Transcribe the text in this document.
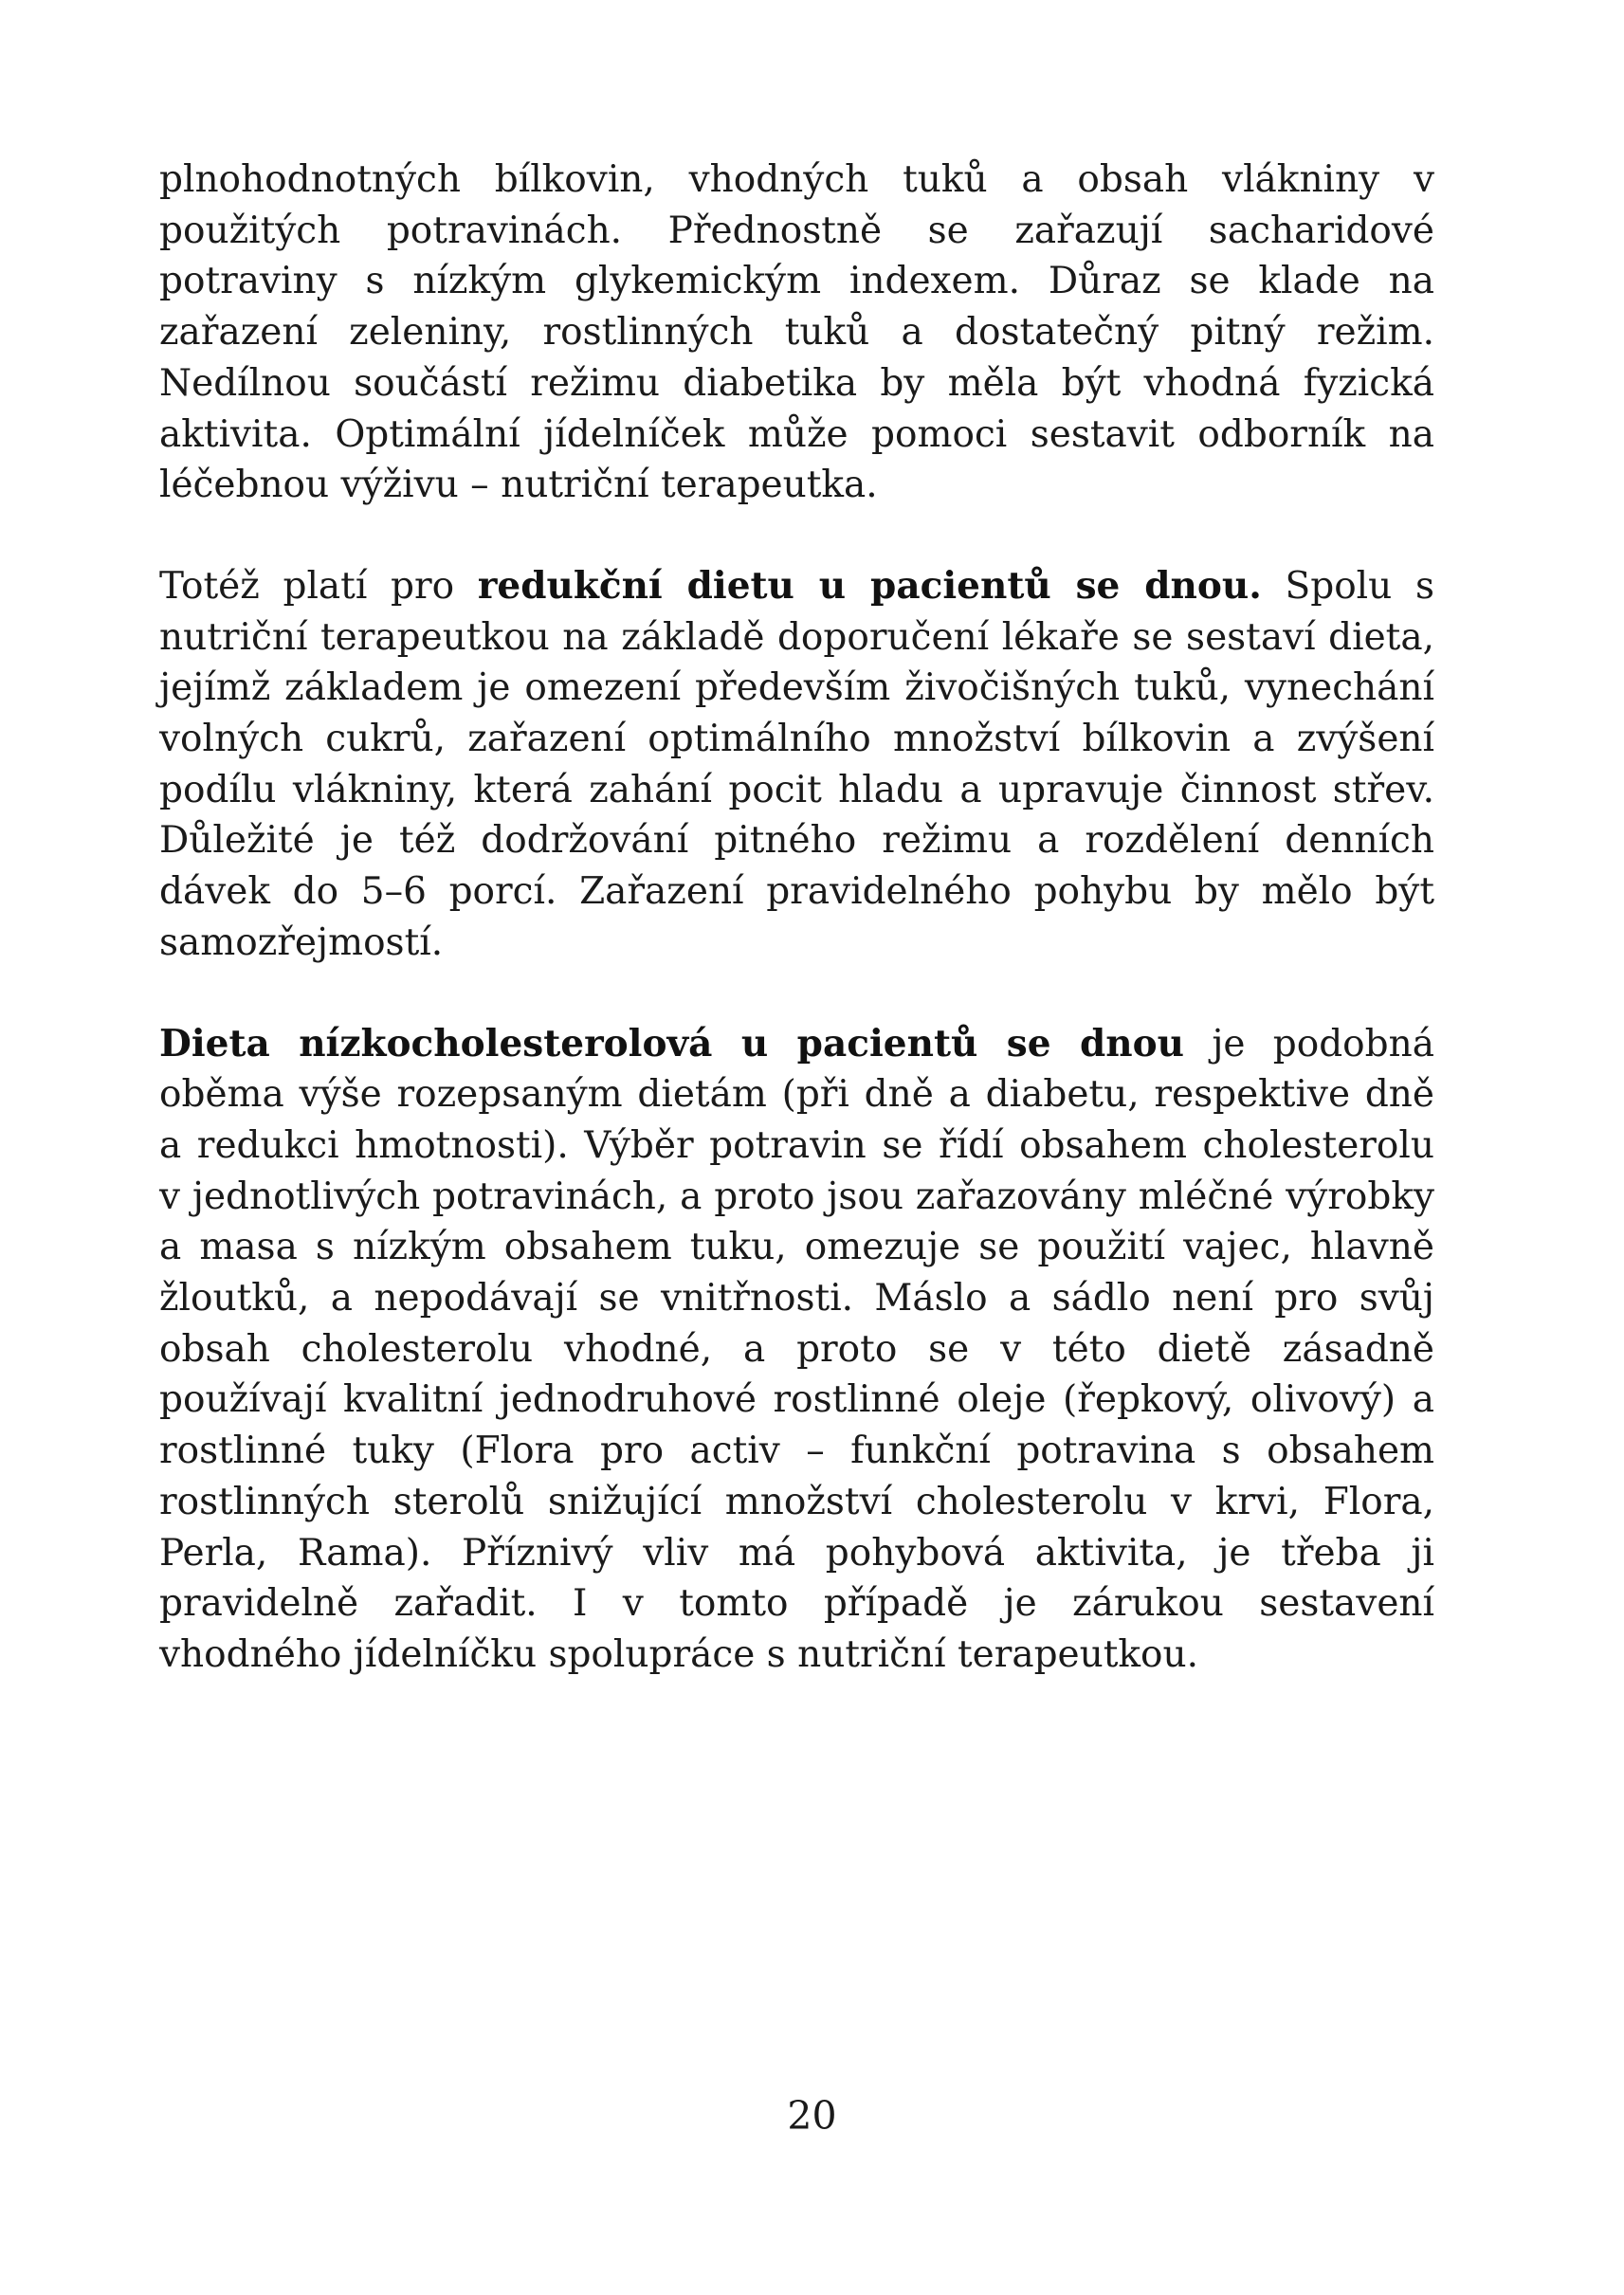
plnohodnotných bílkovin, vhodných tuků a obsah vlákniny v použitých potravinách. Přednostně se zařazují sacharidové potraviny s nízkým glykemickým indexem. Důraz se klade na zařazení zeleniny, rostlinných tuků a dostatečný pitný režim. Nedílnou součástí režimu diabetika by měla být vhodná fyzická aktivita. Optimální jídelníček může pomoci sestavit odborník na léčebnou výživu – nutriční terapeutka.

Totéž platí pro redukční dietu u pacientů se dnou. Spolu s nutriční terapeutkou na základě doporučení lékaře se sestaví dieta, jejímž základem je omezení především živočišných tuků, vynechání volných cukrů, zařazení optimálního množství bílkovin a zvýšení podílu vlákniny, která zahání pocit hladu a upravuje činnost střev. Důležité je též dodržování pitného režimu a rozdělení denních dávek do 5–6 porcí. Zařazení pravidelného pohybu by mělo být samozřejmostí.

Dieta nízkocholesterolová u pacientů se dnou je podobná oběma výše rozepsaným dietám (při dně a diabetu, respektive dně a redukci hmotnosti). Výběr potravin se řídí obsahem cholesterolu v jednotlivých potravinách, a proto jsou zařazovány mléčné výrobky a masa s nízkým obsahem tuku, omezuje se použití vajec, hlavně žloutků, a nepodávají se vnitřnosti. Máslo a sádlo není pro svůj obsah cholesterolu vhodné, a proto se v této dietě zásadně používají kvalitní jednodruhové rostlinné oleje (řepkový, olivový) a rostlinné tuky (Flora pro activ – funkční potravina s obsahem rostlinných sterolů snižující množství cholesterolu v krvi, Flora, Perla, Rama). Příznivý vliv má pohybová aktivita, je třeba ji pravidelně zařadit. I v tomto případě je zárukou sestavení vhodného jídelníčku spolupráce s nutriční terapeutkou.

20
